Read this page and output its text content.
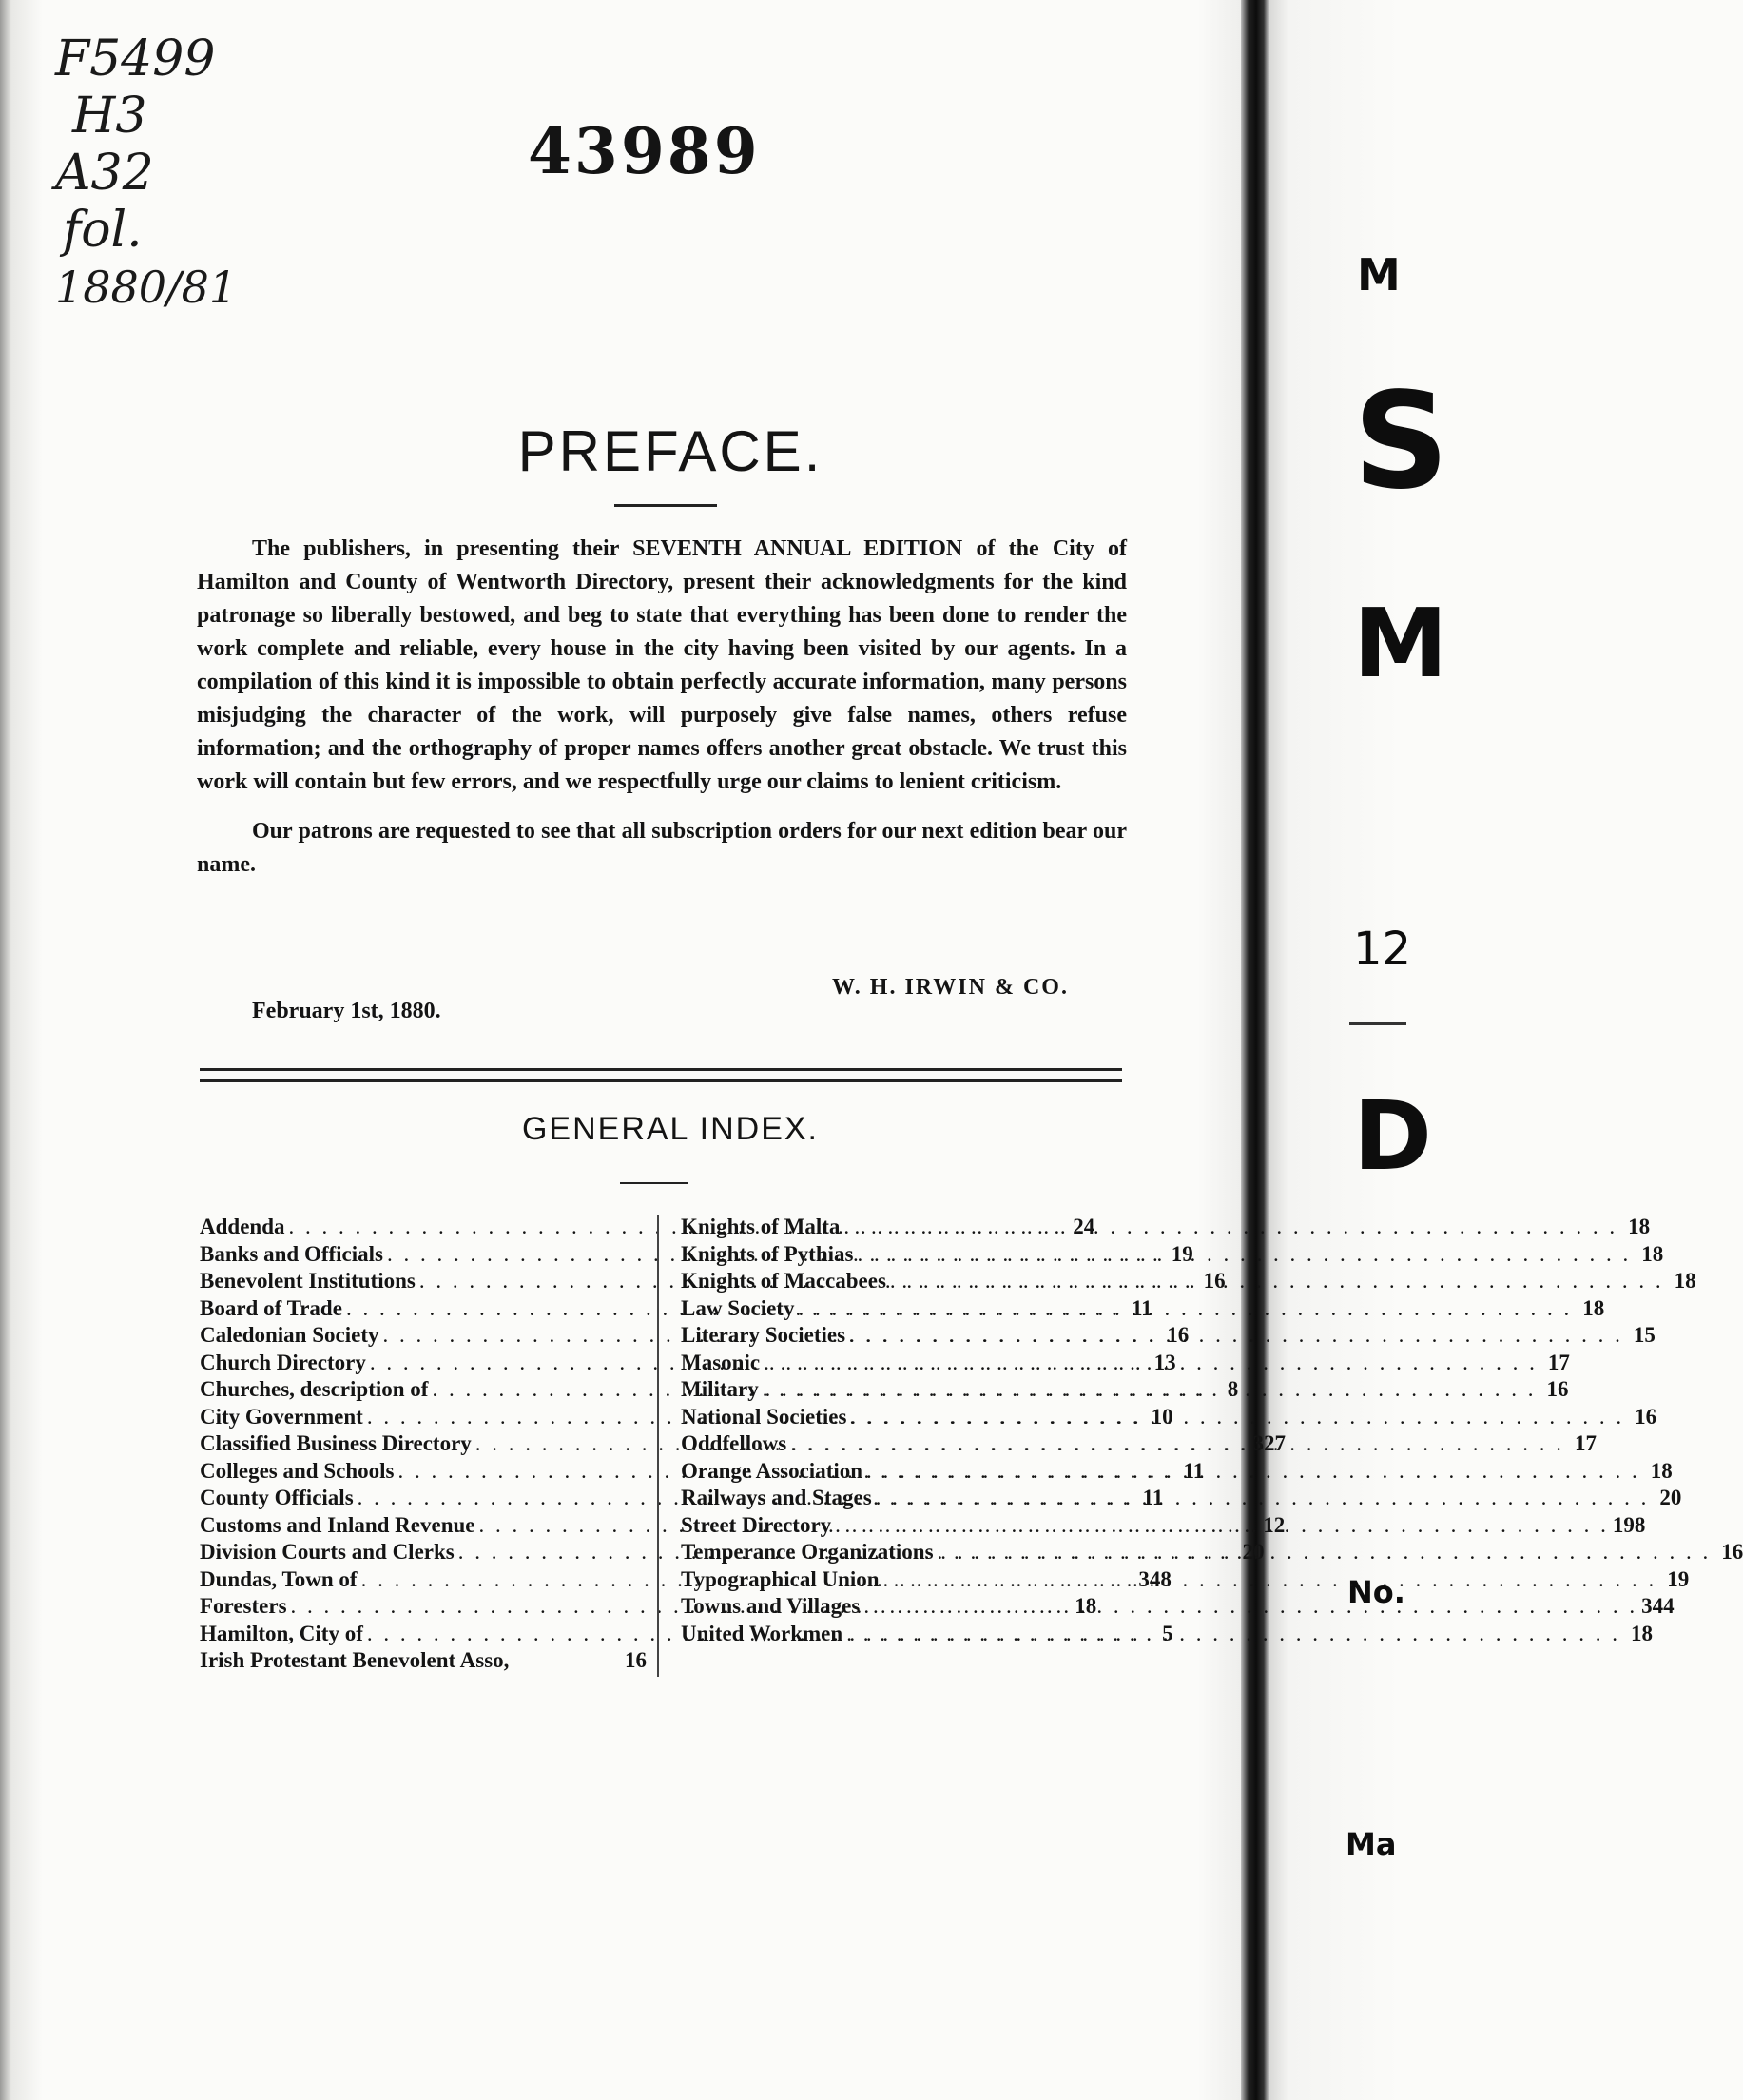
M
S
M
12
D
No.
Ma
F5499
H3
A32
fol.
1880/81
43989
PREFACE.

The publishers, in presenting their SEVENTH ANNUAL EDITION of the City of Hamilton and County of Wentworth Directory, present their acknowledgments for the kind patronage so liberally bestowed, and beg to state that everything has been done to render the work complete and reliable, every house in the city having been visited by our agents. In a compilation of this kind it is impossible to obtain perfectly accurate information, many persons misjudging the character of the work, will purposely give false names, others refuse information; and the orthography of proper names offers another great obstacle. We trust this work will contain but few errors, and we respectfully urge our claims to lenient criticism.

Our patrons are requested to see that all subscription orders for our next edition bear our name.

W. H. IRWIN & CO.
February 1st, 1880.
GENERAL INDEX.
Addenda . . .	24
Banks and Officials . . .	19
Benevolent Institutions . . .	16
Board of Trade . . .	11
Caledonian Society . . .	16
Church Directory . . .	13
Churches, description of . . .	8
City Government . . .	10
Classified Business Directory . . .	327
Colleges and Schools . . .	11
County Officials . . .	11
Customs and Inland Revenue . . .	12
Division Courts and Clerks . . .	20
Dundas, Town of . . .	348
Foresters . . .	18
Hamilton, City of . . .	5
Irish Protestant Benevolent Asso,	16
Knights of Malta . . .	18
Knights of Pythias . . .	18
Knights of Maccabees . . .	18
Law Society . . .	18
Literary Societies . . .	15
Masonic . . .	17
Military . . .	16
National Societies . . .	16
Oddfellows . . .	17
Orange Association . . .	18
Railways and Stages . . .	20
Street Directory . . .	198
Temperance Organizations . . .	16
Typographical Union . . .	19
Towns and Villages . . .	344
United Workmen . . .	18
